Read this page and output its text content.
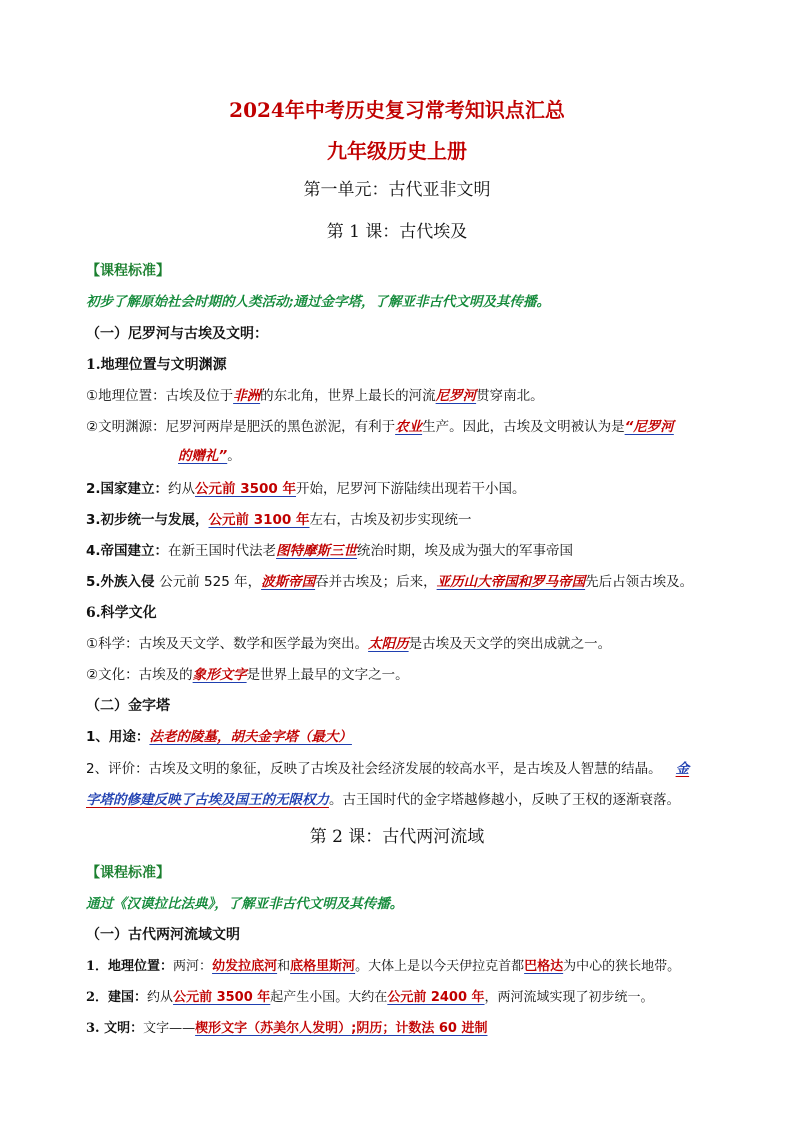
2024年中考历史复习常考知识点汇总
九年级历史上册
第一单元：古代亚非文明
第 1 课：古代埃及
【课程标准】
初步了解原始社会时期的人类活动;通过金字塔，了解亚非古代文明及其传播。
（一）尼罗河与古埃及文明：
1.地理位置与文明渊源
①地理位置：古埃及位于非洲的东北角，世界上最长的河流尼罗河贯穿南北。
②文明渊源：尼罗河两岸是肥沃的黑色淤泥，有利于农业生产。因此，古埃及文明被认为是“尼罗河
的赠礼”。
2.国家建立：约从公元前 3500 年开始，尼罗河下游陆续出现若干小国。
3.初步统一与发展，公元前 3100 年左右，古埃及初步实现统一
4.帝国建立：在新王国时代法老图特摩斯三世统治时期，埃及成为强大的军事帝国
5.外族入侵 公元前 525 年，波斯帝国吞并古埃及；后来，亚历山大帝国和罗马帝国先后占领古埃及。
6.科学文化
①科学：古埃及天文学、数学和医学最为突出。太阳历是古埃及天文学的突出成就之一。
②文化：古埃及的象形文字是世界上最早的文字之一。
（二）金字塔
1、用途：法老的陵墓，胡夫金字塔（最大）
2、评价：古埃及文明的象征，反映了古埃及社会经济发展的较高水平，是古埃及人智慧的结晶。 金
字塔的修建反映了古埃及国王的无限权力。古王国时代的金字塔越修越小，反映了王权的逐渐衰落。
第 2 课：古代两河流域
【课程标准】
通过《汉谟拉比法典》，了解亚非古代文明及其传播。
（一）古代两河流域文明
1．地理位置：两河：幼发拉底河和底格里斯河。大体上是以今天伊拉克首都巴格达为中心的狭长地带。
2．建国：约从公元前 3500 年起产生小国。大约在公元前 2400 年，两河流域实现了初步统一。
3. 文明：文字——楔形文字（苏美尔人发明）;阴历；计数法 60 进制
